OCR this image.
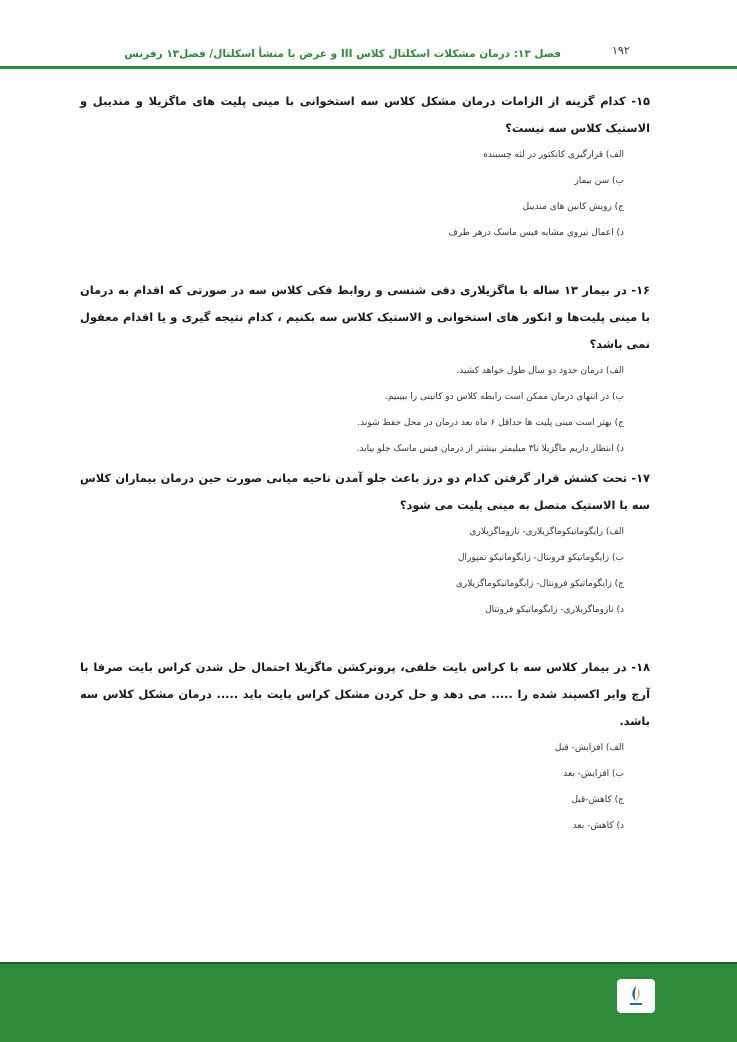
فصل ۱۳: درمان مشکلات اسکلتال کلاس III و عرض با منشأ اسکلتال/ فصل۱۳ رفرنس	۱۹۲

۱۵- کدام گزینه از الزامات درمان مشکل کلاس سه استخوانی با مینی پلیت های ماگزیلا و مندیبل و الاستیک کلاس سه نیست؟

الف) قرارگیری کانکتور در لثه چسبنده
ب) سن بیمار
ج) رویش کانین های مندیبل
د) اعمال نیروی مشابه فیس ماسک درهر طرف

۱۶- در بیمار ۱۳ ساله با ماگزیلاری دفی شنسی و روابط فکی کلاس سه در صورتی که اقدام به درمان با مینی پلیت‌ها و انکور های استخوانی و الاستیک کلاس سه بکنیم ، کدام نتیجه گیری و یا اقدام معقول نمی باشد؟

الف) درمان حدود دو سال طول خواهد کشید.
ب) در انتهای درمان ممکن است رابطه کلاس دو کانینی را ببینیم.
ج) بهتر است مینی پلیت ها حداقل ۶ ماه بعد درمان در محل حفظ شوند.
د) انتظار داریم ماگزیلا تا۳ میلیمتر بیشتر از درمان فیس ماسک جلو بیاید.

۱۷- تحت کشش قرار گرفتن کدام دو درز باعث جلو آمدن ناحیه میانی صورت حین درمان بیماران کلاس سه با الاستیک متصل به مینی پلیت می شود؟

الف) زایگوماتیکوماگزیلاری- نازوماگزیلاری
ب) زایگوماتیکو فرونتال- زایگوماتیکو تمپورال
ج) زایگوماتیکو فرونتال- زایگوماتیکوماگزیلاری
د) نازوماگزیلاری- زایگوماتیکو فرونتال

۱۸- در بیمار کلاس سه با کراس بایت خلفی، پروترکشن ماگزیلا احتمال حل شدن کراس بایت صرفا با آرچ وایر اکسپند شده را ..... می دهد و حل کردن مشکل کراس بایت باید ..... درمان مشکل کلاس سه باشد.

الف) افزایش- قبل
ب) افزایش- بعد
ج) کاهش-قبل
د) کاهش- بعد
